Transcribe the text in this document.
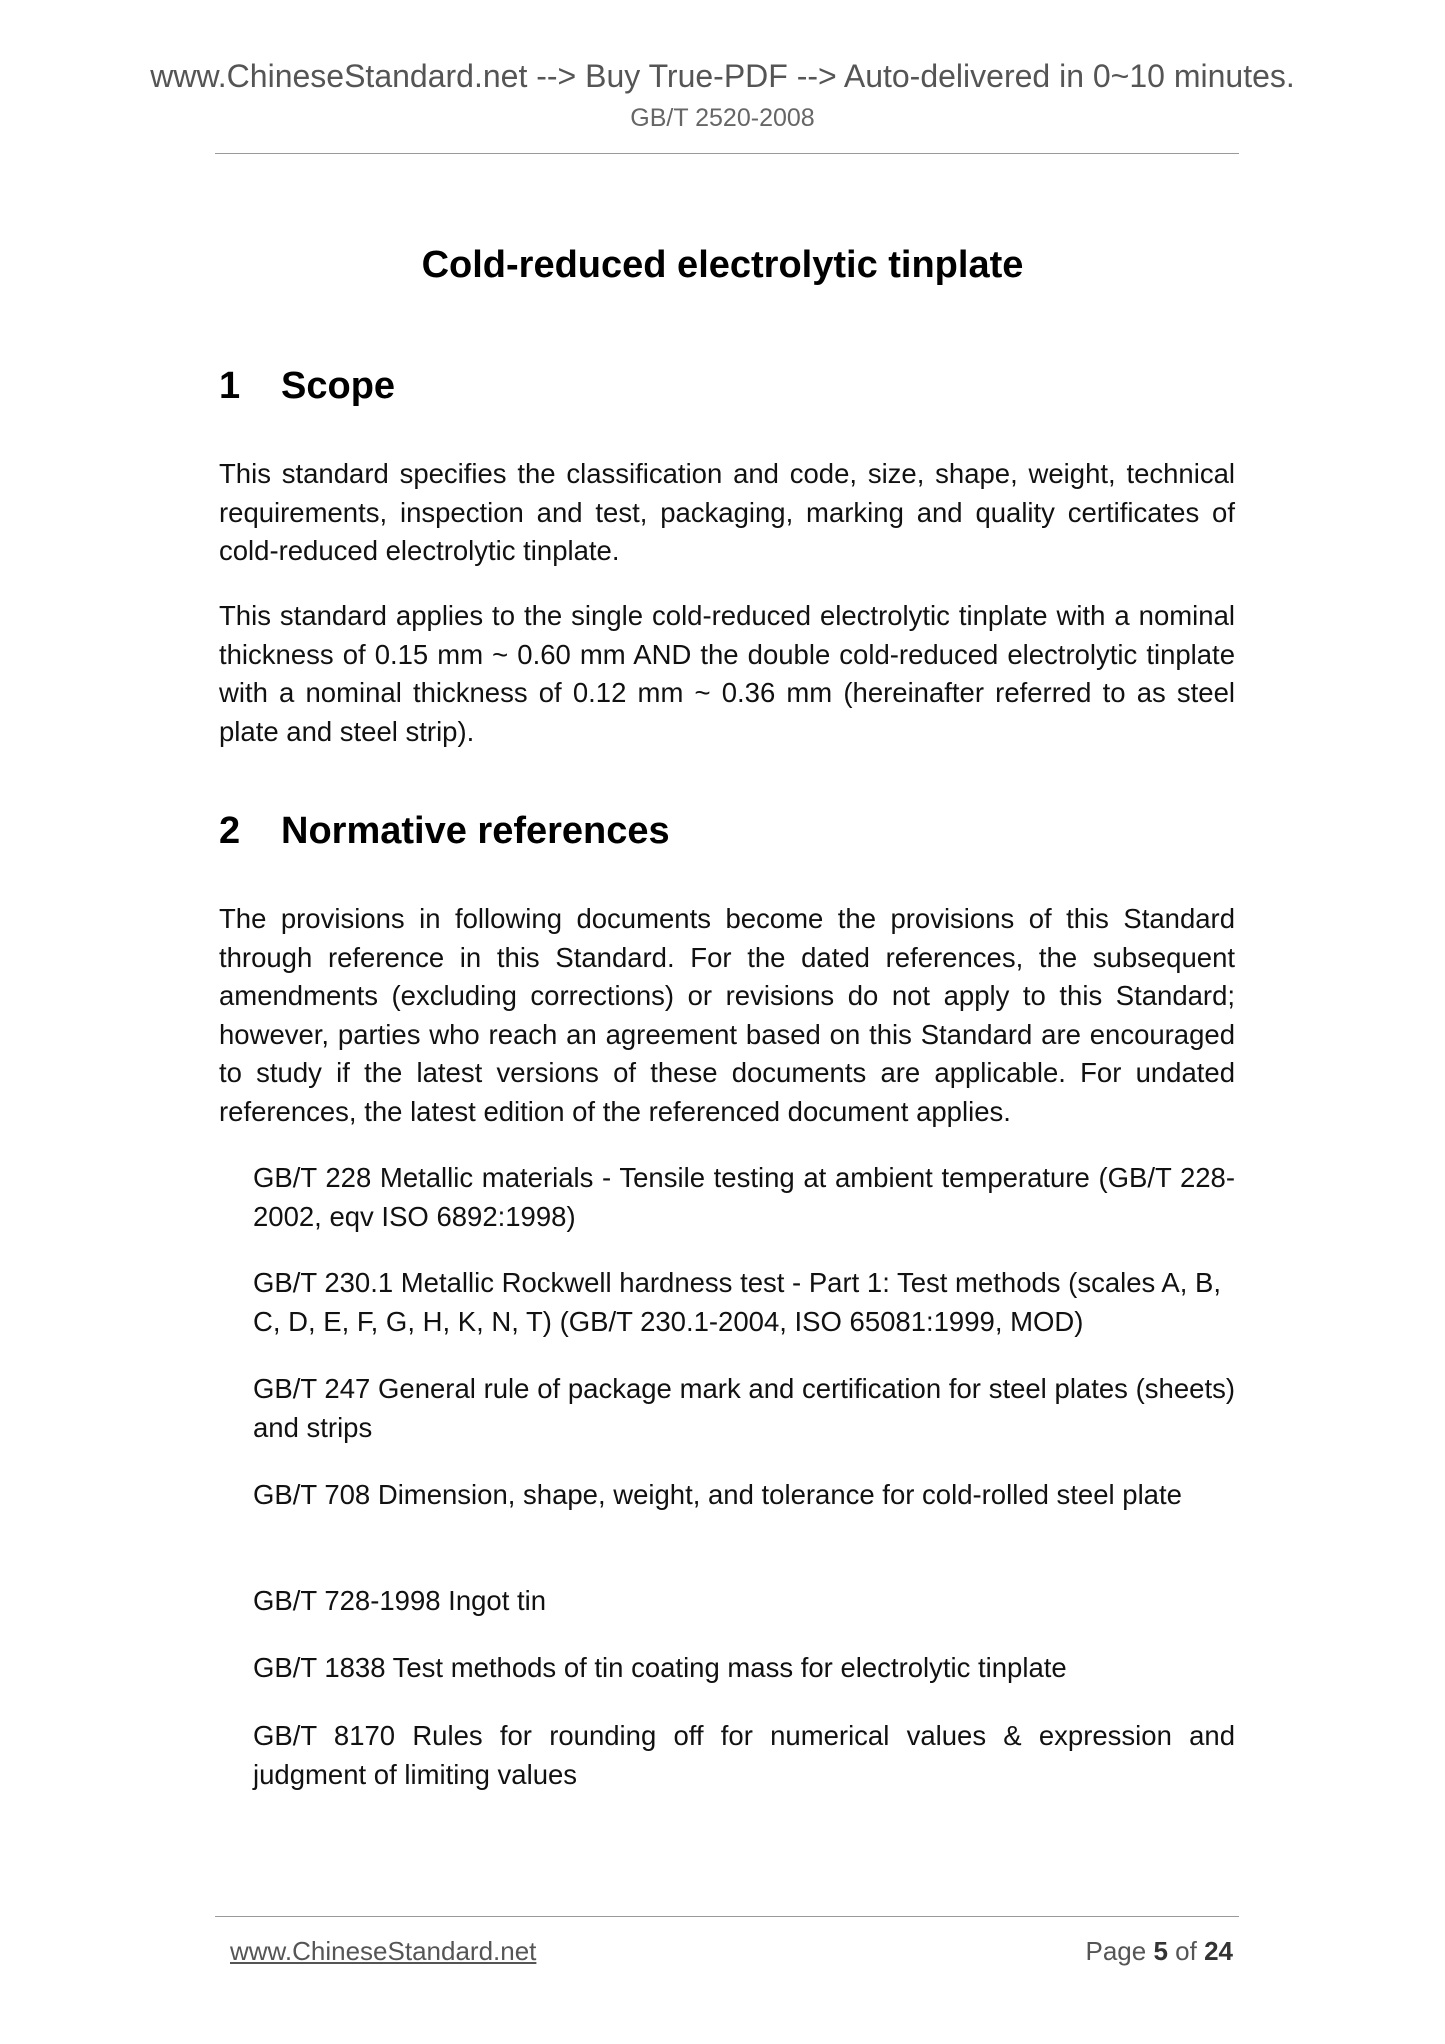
www.ChineseStandard.net --> Buy True-PDF --> Auto-delivered in 0~10 minutes.
GB/T 2520-2008
Cold-reduced electrolytic tinplate
1 Scope
This standard specifies the classification and code, size, shape, weight, technical requirements, inspection and test, packaging, marking and quality certificates of cold-reduced electrolytic tinplate.
This standard applies to the single cold-reduced electrolytic tinplate with a nominal thickness of 0.15 mm ~ 0.60 mm AND the double cold-reduced electrolytic tinplate with a nominal thickness of 0.12 mm ~ 0.36 mm (hereinafter referred to as steel plate and steel strip).
2 Normative references
The provisions in following documents become the provisions of this Standard through reference in this Standard. For the dated references, the subsequent amendments (excluding corrections) or revisions do not apply to this Standard; however, parties who reach an agreement based on this Standard are encouraged to study if the latest versions of these documents are applicable. For undated references, the latest edition of the referenced document applies.
GB/T 228 Metallic materials - Tensile testing at ambient temperature (GB/T 228-2002, eqv ISO 6892:1998)
GB/T 230.1 Metallic Rockwell hardness test - Part 1: Test methods (scales A, B, C, D, E, F, G, H, K, N, T) (GB/T 230.1-2004, ISO 65081:1999, MOD)
GB/T 247 General rule of package mark and certification for steel plates (sheets) and strips
GB/T 708 Dimension, shape, weight, and tolerance for cold-rolled steel plate
GB/T 728-1998 Ingot tin
GB/T 1838 Test methods of tin coating mass for electrolytic tinplate
GB/T 8170 Rules for rounding off for numerical values & expression and judgment of limiting values
www.ChineseStandard.net	Page 5 of 24
